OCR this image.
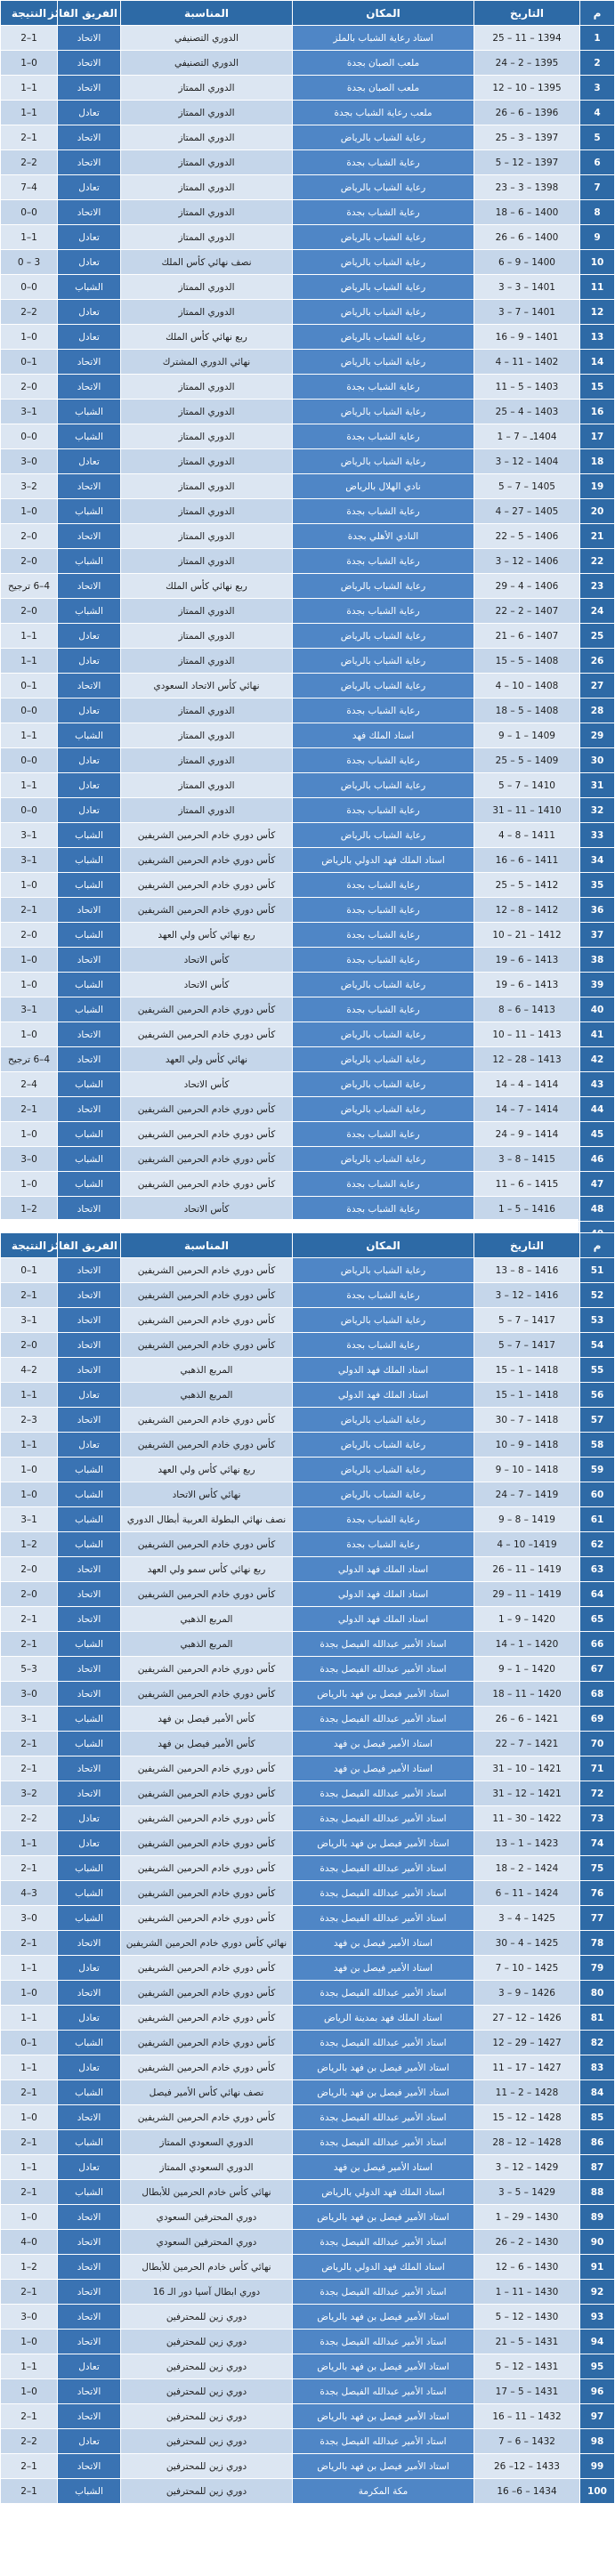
م	التاريخ	المكان	المناسبة	الفريق الفائز	النتيجة
1	1394 – 11 – 25	استاد رعاية الشباب بالملز	الدوري التصنيفي	الاتحاد	1–2
2	1395 – 2 – 24	ملعب الصبان بجدة	الدوري التصنيفي	الاتحاد	0–1
3	1395 – 10 – 12	ملعب الصبان بجدة	الدوري الممتاز	الاتحاد	1–1
4	1396 – 6 – 26	ملعب رعاية الشباب بجدة	الدوري الممتاز	تعادل	1–1
5	1397 – 3 – 25	رعاية الشباب بالرياض	الدوري الممتاز	الاتحاد	1–2
6	1397 – 12 – 5	رعاية الشباب بجدة	الدوري الممتاز	الاتحاد	2–2
7	1398 – 3 – 23	رعاية الشباب بالرياض	الدوري الممتاز	تعادل	4–7
8	1400 – 6 – 18	رعاية الشباب بجدة	الدوري الممتاز	الاتحاد	0–0
9	1400 – 6 – 26	رعاية الشباب بالرياض	الدوري الممتاز	تعادل	1–1
10	1400 – 9 – 6	رعاية الشباب بالرياض	نصف نهائي كأس الملك	تعادل	3 – 0
11	1401 – 3 – 3	رعاية الشباب بالرياض	الدوري الممتاز	الشباب	0–0
12	1401 – 7 – 3	رعاية الشباب بالرياض	الدوري الممتاز	تعادل	2–2
13	1401 – 9 – 16	رعاية الشباب بالرياض	ربع نهائي كأس الملك	تعادل	0–1
14	1402 – 11 – 4	رعاية الشباب بالرياض	نهائي الدوري المشترك	الاتحاد	1–0
15	1403 – 5 – 11	رعاية الشباب بجدة	الدوري الممتاز	الاتحاد	0–2
16	1403 – 4 – 25	رعاية الشباب بالرياض	الدوري الممتاز	الشباب	1–3
17	1404ـ – 7 – 1	رعاية الشباب بجدة	الدوري الممتاز	الشباب	0–0
18	1404 – 12 – 3	رعاية الشباب بالرياض	الدوري الممتاز	تعادل	0–3
19	1405 – 7 – 5	نادي الهلال بالرياض	الدوري الممتاز	الاتحاد	2–3
20	1405 – 27 – 4	رعاية الشباب بجدة	الدوري الممتاز	الشباب	0–1
21	1406 – 5 – 22	النادي الأهلي بجدة	الدوري الممتاز	الاتحاد	0–2
22	1406 – 12 – 3	رعاية الشباب بجدة	الدوري الممتاز	الشباب	0–2
23	1406 – 4 – 29	رعاية الشباب بالرياض	ربع نهائي كأس الملك	الاتحاد	4–6 ترجيح
24	1407 – 2 – 22	رعاية الشباب بجدة	الدوري الممتاز	الشباب	0–2
25	1407 – 6 – 21	رعاية الشباب بالرياض	الدوري الممتاز	تعادل	1–1
26	1408 – 5 – 15	رعاية الشباب بالرياض	الدوري الممتاز	تعادل	1–1
27	1408 – 10 – 4	رعاية الشباب بالرياض	نهائي كأس الاتحاد السعودي	الاتحاد	1–0
28	1408 – 5 – 18	رعاية الشباب بجدة	الدوري الممتاز	تعادل	0–0
29	1409 – 1 – 9	استاد الملك فهد	الدوري الممتاز	الشباب	1–1
30	1409 – 5 – 25	رعاية الشباب بجدة	الدوري الممتاز	تعادل	0–0
31	1410 – 7 – 5	رعاية الشباب بالرياض	الدوري الممتاز	تعادل	1–1
32	1410 – 11 – 31	رعاية الشباب بجدة	الدوري الممتاز	تعادل	0–0
33	1411 – 8 – 4	رعاية الشباب بالرياض	كأس دوري خادم الحرمين الشريفين	الشباب	1–3
34	1411 – 6 – 16	استاد الملك فهد الدولي بالرياض	كأس دوري خادم الحرمين الشريفين	الشباب	1–3
35	1412 – 5 – 25	رعاية الشباب بجدة	كأس دوري خادم الحرمين الشريفين	الشباب	0–1
36	1412 – 8 – 12	رعاية الشباب بجدة	كأس دوري خادم الحرمين الشريفين	الاتحاد	1–2
37	1412 – 21 – 10	رعاية الشباب بجدة	ربع نهائي كأس ولي العهد	الشباب	0–2
38	1413 – 6 – 19	رعاية الشباب بجدة	كأس الاتحاد	الاتحاد	0–1
39	1413 – 6 – 19	رعاية الشباب بالرياض	كأس الاتحاد	الشباب	0–1
40	1413 – 6 – 8	رعاية الشباب بجدة	كأس دوري خادم الحرمين الشريفين	الشباب	1–3
41	1413 – 11 – 10	رعاية الشباب بالرياض	كأس دوري خادم الحرمين الشريفين	الاتحاد	0–1
42	1413 – 28 – 12	رعاية الشباب بالرياض	نهائي كأس ولي العهد	الاتحاد	4–6 ترجيح
43	1414 – 4 – 14	رعاية الشباب بالرياض	كأس الاتحاد	الشباب	4–2
44	1414 – 7 – 14	رعاية الشباب بالرياض	كأس دوري خادم الحرمين الشريفين	الاتحاد	1–2
45	1414 – 9 – 24	رعاية الشباب بجدة	كأس دوري خادم الحرمين الشريفين	الشباب	0–1
46	1415 – 8 – 3	رعاية الشباب بالرياض	كأس دوري خادم الحرمين الشريفين	الشباب	0–3
47	1415 – 6 – 11	رعاية الشباب بجدة	كأس دوري خادم الحرمين الشريفين	الشباب	0–1
48	1416 – 5 – 1	رعاية الشباب بجدة	كأس الاتحاد	الاتحاد	2–1

م	التاريخ	المكان	المناسبة	الفريق الفائز	النتيجة
51	1416 – 8 – 13	رعاية الشباب بالرياض	كأس دوري خادم الحرمين الشريفين	الاتحاد	1–0
52	1416 – 12 – 3	رعاية الشباب بجدة	كأس دوري خادم الحرمين الشريفين	الاتحاد	1–2
53	1417 – 7 – 5	رعاية الشباب بالرياض	كأس دوري خادم الحرمين الشريفين	الاتحاد	1–3
54	1417 – 7 – 5	رعاية الشباب بجدة	كأس دوري خادم الحرمين الشريفين	الاتحاد	0–2
55	1418 – 1 – 15	استاد الملك فهد الدولي	المربع الذهبي	الاتحاد	2–4
56	1418 – 1 – 15	استاد الملك فهد الدولي	المربع الذهبي	تعادل	1–1
57	1418 – 7 – 30	رعاية الشباب بالرياض	كأس دوري خادم الحرمين الشريفين	الاتحاد	3–2
58	1418 – 9 – 10	رعاية الشباب بالرياض	كأس دوري خادم الحرمين الشريفين	تعادل	1–1
59	1418 – 10 – 9	رعاية الشباب بالرياض	ربع نهائي كأس ولي العهد	الشباب	0–1
60	1419 – 7 – 24	رعاية الشباب بالرياض	نهائي كأس الاتحاد	الشباب	0–1
61	1419 – 8 – 9	رعاية الشباب بجدة	نصف نهائي البطولة العربية أبطال الدوري	الشباب	1–3
62	1419– 10 – 4	رعاية الشباب بجدة	كأس دوري خادم الحرمين الشريفين	الشباب	2–1
63	1419 – 11 – 26	استاد الملك فهد الدولي	ربع نهائي كأس سمو ولي العهد	الاتحاد	0–2
64	1419 – 11 – 29	استاد الملك فهد الدولي	كأس دوري خادم الحرمين الشريفين	الاتحاد	0–2
65	1420 – 9 – 1	استاد الملك فهد الدولي	المربع الذهبي	الاتحاد	1–2
66	1420 – 1 – 14	استاد الأمير عبدالله الفيصل بجدة	المربع الذهبي	الشباب	1–2
67	1420 – 1 – 9	استاد الأمير عبدالله الفيصل بجدة	كأس دوري خادم الحرمين الشريفين	الاتحاد	3–5
68	1420 – 11 – 18	استاد الأمير فيصل بن فهد بالرياض	كأس دوري خادم الحرمين الشريفين	الاتحاد	0–3
69	1421 – 6 – 26	استاد الأمير عبدالله الفيصل بجدة	كأس الأمير فيصل بن فهد	الشباب	1–3
70	1421 – 7 – 22	استاد الأمير فيصل بن فهد	كأس الأمير فيصل بن فهد	الشباب	1–2
71	1421 – 10 – 31	استاد الأمير فيصل بن فهد	كأس دوري خادم الحرمين الشريفين	الاتحاد	1–2
72	1421 – 12 – 31	استاد الأمير عبدالله الفيصل بجدة	كأس دوري خادم الحرمين الشريفين	الاتحاد	2–3
73	1422 – 30 – 11	استاد الأمير عبدالله الفيصل بجدة	كأس دوري خادم الحرمين الشريفين	تعادل	2–2
74	1423 – 1 – 13	استاد الأمير فيصل بن فهد بالرياض	كأس دوري خادم الحرمين الشريفين	تعادل	1–1
75	1424 – 2 – 18	استاد الأمير عبدالله الفيصل بجدة	كأس دوري خادم الحرمين الشريفين	الشباب	1–2
76	1424 – 11 – 6	استاد الأمير عبدالله الفيصل بجدة	كأس دوري خادم الحرمين الشريفين	الشباب	3–4
77	1425 – 4 – 3	استاد الأمير عبدالله الفيصل بجدة	كأس دوري خادم الحرمين الشريفين	الشباب	0–3
78	1425 – 4 – 30	استاد الأمير فيصل بن فهد	نهائي كأس دوري خادم الحرمين الشريفين	الاتحاد	1–2
79	1425 – 10 – 7	استاد الأمير فيصل بن فهد	كأس دوري خادم الحرمين الشريفين	تعادل	1–1
80	1426 – 9 – 3	استاد الأمير عبدالله الفيصل بجدة	كأس دوري خادم الحرمين الشريفين	الاتحاد	0–1
81	1426 – 12 – 27	استاد الملك فهد بمدينة الرياض	كأس دوري خادم الحرمين الشريفين	تعادل	1–1
82	1427 – 29 – 12	استاد الأمير عبدالله الفيصل بجدة	كأس دوري خادم الحرمين الشريفين	الشباب	1–0
83	1427 – 17 – 11	استاد الأمير فيصل بن فهد بالرياض	كأس دوري خادم الحرمين الشريفين	تعادل	1–1
84	1428 – 2 – 11	استاد الأمير فيصل بن فهد بالرياض	نصف نهائي كأس الأمير فيصل	الشباب	1–2
85	1428 – 12 – 15	استاد الأمير عبدالله الفيصل بجدة	كأس دوري خادم الحرمين الشريفين	الاتحاد	0–1
86	1428 – 12 – 28	استاد الأمير عبدالله الفيصل بجدة	الدوري السعودي الممتاز	الشباب	1–2
87	1429 – 12 – 3	استاد الأمير فيصل بن فهد	الدوري السعودي الممتاز	تعادل	1–1
88	1429 – 5 – 3	استاد الملك فهد الدولي بالرياض	نهائي كأس خادم الحرمين للأبطال	الشباب	1–2
89	1430 – 29 – 1	استاد الأمير فيصل بن فهد بالرياض	دوري المحترفين السعودي	الاتحاد	0–1
90	1430 – 2 – 26	استاد الأمير عبدالله الفيصل بجدة	دوري المحترفين السعودي	الاتحاد	0–4
91	1430 – 6 – 12	استاد الملك فهد الدولي بالرياض	نهائي كأس خادم الحرمين للأبطال	الاتحاد	2–1
92	1430 – 11 – 1	استاد الأمير عبدالله الفيصل بجدة	دوري ابطال آسيا دور الـ 16	الاتحاد	1–2
93	1430 – 12 – 5	استاد الأمير فيصل بن فهد بالرياض	دوري زين للمحترفين	الاتحاد	0–3
94	1431 – 5 – 21	استاد الأمير عبدالله الفيصل بجدة	دوري زين للمحترفين	الاتحاد	0–1
95	1431 – 12 – 5	استاد الأمير فيصل بن فهد بالرياض	دوري زين للمحترفين	تعادل	1–1
96	1431 – 5 – 17	استاد الأمير عبدالله الفيصل بجدة	دوري زين للمحترفين	الاتحاد	0–1
97	1432 – 11 – 16	استاد الأمير فيصل بن فهد بالرياض	دوري زين للمحترفين	الاتحاد	1–2
98	1432 – 6 – 7	استاد الأمير عبدالله الفيصل بجدة	دوري زين للمحترفين	تعادل	2–2
99	1433 – 12– 26	استاد الأمير فيصل بن فهد بالرياض	دوري زين للمحترفين	الاتحاد	1–2
100	1434 – 6– 16	مكة المكرمة	دوري زين للمحترفين	الشباب	1–2
